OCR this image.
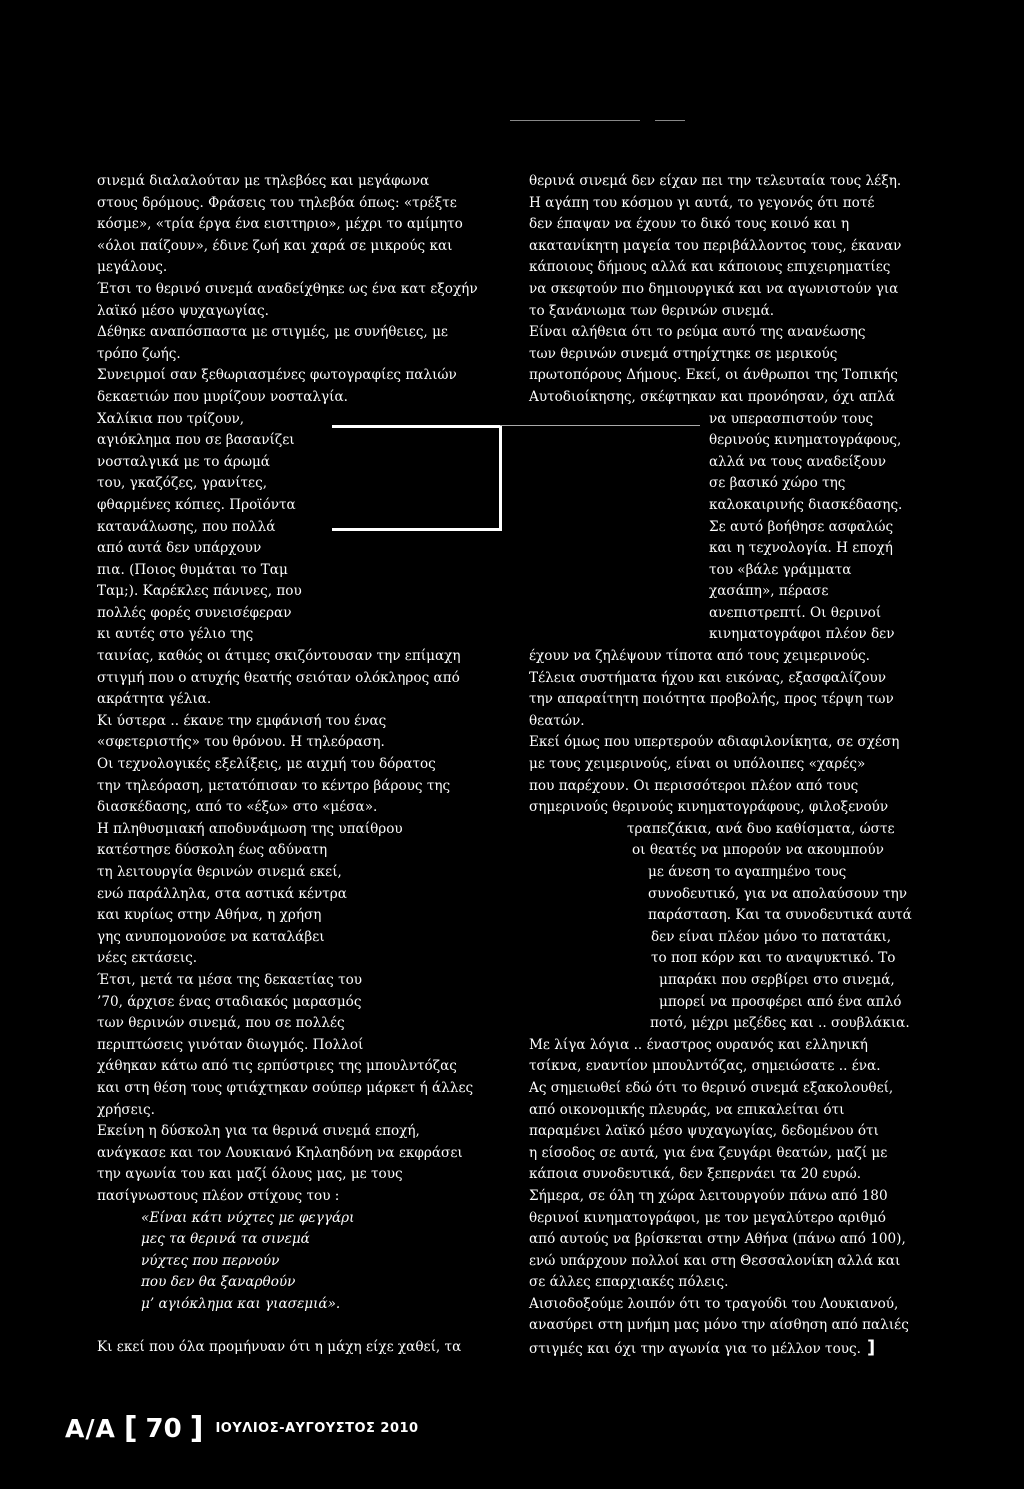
σινεμά διαλαλούταν με τηλεβόες και μεγάφωνα
στους δρόμους. Φράσεις του τηλεβόα όπως: «τρέξτε
κόσμε», «τρία έργα ένα εισιτηριο», μέχρι το αμίμητο
«όλοι παίζουν», έδινε ζωή και χαρά σε μικρούς και
μεγάλους.
Έτσι το θερινό σινεμά αναδείχθηκε ως ένα κατ εξοχήν
λαϊκό μέσο ψυχαγωγίας.
Δέθηκε αναπόσπαστα με στιγμές, με συνήθειες, με
τρόπο ζωής.
Συνειρμοί σαν ξεθωριασμένες φωτογραφίες παλιών
δεκαετιών που μυρίζουν νοσταλγία.
Χαλίκια που τρίζουν,
αγιόκλημα που σε βασανίζει
νοσταλγικά με το άρωμά
του, γκαζόζες, γρανίτες,
φθαρμένες κόπιες. Προϊόντα
κατανάλωσης, που πολλά
από αυτά δεν υπάρχουν
πια. (Ποιος θυμάται το Ταμ
Ταμ;). Καρέκλες πάνινες, που
πολλές φορές συνεισέφεραν
κι αυτές στο γέλιο της
ταινίας, καθώς οι άτιμες σκιζόντουσαν την επίμαχη
στιγμή που ο ατυχής θεατής σειόταν ολόκληρος από
ακράτητα γέλια.
Κι ύστερα .. έκανε την εμφάνισή του ένας
«σφετεριστής» του θρόνου. Η τηλεόραση.
Οι τεχνολογικές εξελίξεις, με αιχμή του δόρατος
την τηλεόραση, μετατόπισαν το κέντρο βάρους της
διασκέδασης, από το «έξω» στο «μέσα».
Η πληθυσμιακή αποδυνάμωση της υπαίθρου
κατέστησε δύσκολη έως αδύνατη
τη λειτουργία θερινών σινεμά εκεί,
ενώ παράλληλα, στα αστικά κέντρα
και κυρίως στην Αθήνα, η χρήση
γης ανυπομονούσε να καταλάβει
νέες εκτάσεις.
Έτσι, μετά τα μέσα της δεκαετίας του
’70, άρχισε ένας σταδιακός μαρασμός
των θερινών σινεμά, που σε πολλές
περιπτώσεις γινόταν διωγμός. Πολλοί
χάθηκαν κάτω από τις ερπύστριες της μπουλντόζας
και στη θέση τους φτιάχτηκαν σούπερ μάρκετ ή άλλες
χρήσεις.
Εκείνη η δύσκολη για τα θερινά σινεμά εποχή,
ανάγκασε και τον Λουκιανό Κηλαηδόνη να εκφράσει
την αγωνία του και μαζί όλους μας, με τους
πασίγνωστους πλέον στίχους του :
«Είναι κάτι νύχτες με φεγγάρι
μες τα θερινά τα σινεμά
νύχτες που περνούν
που δεν θα ξαναρθούν
μ’ αγιόκλημα και γιασεμιά».

Κι εκεί που όλα προμήνυαν ότι η μάχη είχε χαθεί, τα
θερινά σινεμά δεν είχαν πει την τελευταία τους λέξη.
Η αγάπη του κόσμου γι αυτά, το γεγονός ότι ποτέ
δεν έπαψαν να έχουν το δικό τους κοινό και η
ακατανίκητη μαγεία του περιβάλλοντος τους, έκαναν
κάποιους δήμους αλλά και κάποιους επιχειρηματίες
να σκεφτούν πιο δημιουργικά και να αγωνιστούν για
το ξανάνιωμα των θερινών σινεμά.
Είναι αλήθεια ότι το ρεύμα αυτό της ανανέωσης
των θερινών σινεμά στηρίχτηκε σε μερικούς
πρωτοπόρους Δήμους. Εκεί, οι άνθρωποι της Τοπικής
Αυτοδιοίκησης, σκέφτηκαν και προνόησαν, όχι απλά
να υπερασπιστούν τους
θερινούς κινηματογράφους,
αλλά να τους αναδείξουν
σε βασικό χώρο της
καλοκαιρινής διασκέδασης.
Σε αυτό βοήθησε ασφαλώς
και η τεχνολογία. Η εποχή
του «βάλε γράμματα
χασάπη», πέρασε
ανεπιστρεπτί. Οι θερινοί
κινηματογράφοι πλέον δεν
έχουν να ζηλέψουν τίποτα από τους χειμερινούς.
Τέλεια συστήματα ήχου και εικόνας, εξασφαλίζουν
την απαραίτητη ποιότητα προβολής, προς τέρψη των
θεατών.
Εκεί όμως που υπερτερούν αδιαφιλονίκητα, σε σχέση
με τους χειμερινούς, είναι οι υπόλοιπες «χαρές»
που παρέχουν. Οι περισσότεροι πλέον από τους
σημερινούς θερινούς κινηματογράφους, φιλοξενούν
τραπεζάκια, ανά δυο καθίσματα, ώστε
οι θεατές να μπορούν να ακουμπούν
με άνεση το αγαπημένο τους
συνοδευτικό, για να απολαύσουν την
παράσταση. Και τα συνοδευτικά αυτά
δεν είναι πλέον μόνο το πατατάκι,
το ποπ κόρν και το αναψυκτικό. Το
μπαράκι που σερβίρει στο σινεμά,
μπορεί να προσφέρει από ένα απλό
ποτό, μέχρι μεζέδες και .. σουβλάκια.
Με λίγα λόγια .. έναστρος ουρανός και ελληνική
τσίκνα, εναντίον μπουλντόζας, σημειώσατε .. ένα.
Ας σημειωθεί εδώ ότι το θερινό σινεμά εξακολουθεί,
από οικονομικής πλευράς, να επικαλείται ότι
παραμένει λαϊκό μέσο ψυχαγωγίας, δεδομένου ότι
η είσοδος σε αυτά, για ένα ζευγάρι θεατών, μαζί με
κάποια συνοδευτικά, δεν ξεπερνάει τα 20 ευρώ.
Σήμερα, σε όλη τη χώρα λειτουργούν πάνω από 180
θερινοί κινηματογράφοι, με τον μεγαλύτερο αριθμό
από αυτούς να βρίσκεται στην Αθήνα (πάνω από 100),
ενώ υπάρχουν πολλοί και στη Θεσσαλονίκη αλλά και
σε άλλες επαρχιακές πόλεις.
Αισιοδοξούμε λοιπόν ότι το τραγούδι του Λουκιανού,
ανασύρει στη μνήμη μας μόνο την αίσθηση από παλιές
στιγμές και όχι την αγωνία για το μέλλον τους. ]
Α/Α [ 70 ] ΙΟΥΛΙΟΣ-ΑΥΓΟΥΣΤΟΣ 2010
